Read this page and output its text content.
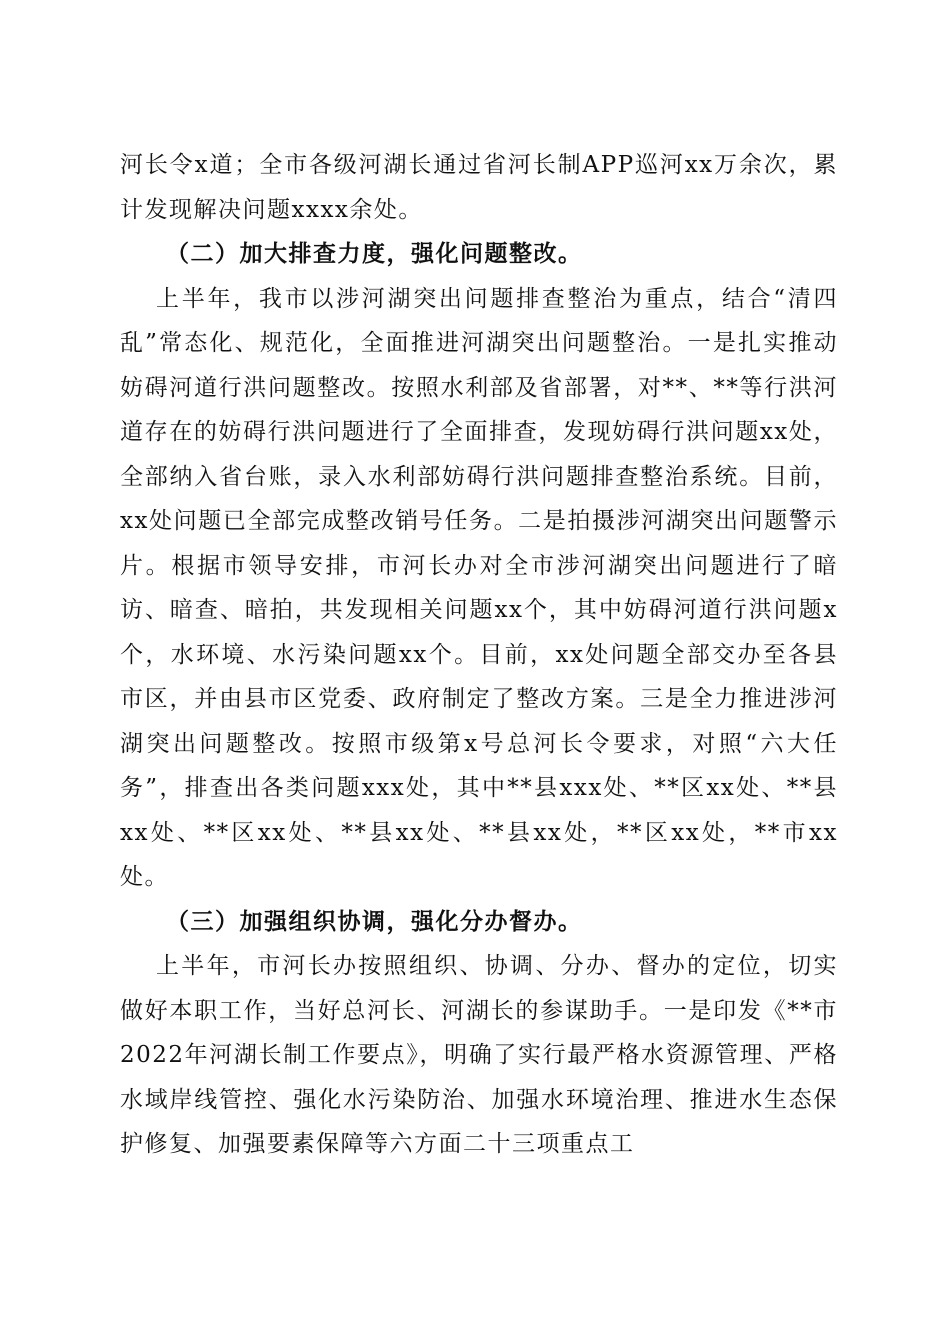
河长令x道；全市各级河湖长通过省河长制APP巡河xx万余次，累计发现解决问题xxxx余处。

（二）加大排查力度，强化问题整改。

上半年，我市以涉河湖突出问题排查整治为重点，结合“清四乱”常态化、规范化，全面推进河湖突出问题整治。一是扎实推动妨碍河道行洪问题整改。按照水利部及省部署，对**、**等行洪河道存在的妨碍行洪问题进行了全面排查，发现妨碍行洪问题xx处，全部纳入省台账，录入水利部妨碍行洪问题排查整治系统。目前，xx处问题已全部完成整改销号任务。二是拍摄涉河湖突出问题警示片。根据市领导安排，市河长办对全市涉河湖突出问题进行了暗访、暗查、暗拍，共发现相关问题xx个，其中妨碍河道行洪问题x个，水环境、水污染问题xx个。目前，xx处问题全部交办至各县市区，并由县市区党委、政府制定了整改方案。三是全力推进涉河湖突出问题整改。按照市级第x号总河长令要求，对照“六大任务”，排查出各类问题xxx处，其中**县xxx处、**区xx处、**县xx处、**区xx处、**县xx处、**县xx处，**区xx处，**市xx处。

（三）加强组织协调，强化分办督办。

上半年，市河长办按照组织、协调、分办、督办的定位，切实做好本职工作，当好总河长、河湖长的参谋助手。一是印发《**市2022年河湖长制工作要点》，明确了实行最严格水资源管理、严格水域岸线管控、强化水污染防治、加强水环境治理、推进水生态保护修复、加强要素保障等六方面二十三项重点工
